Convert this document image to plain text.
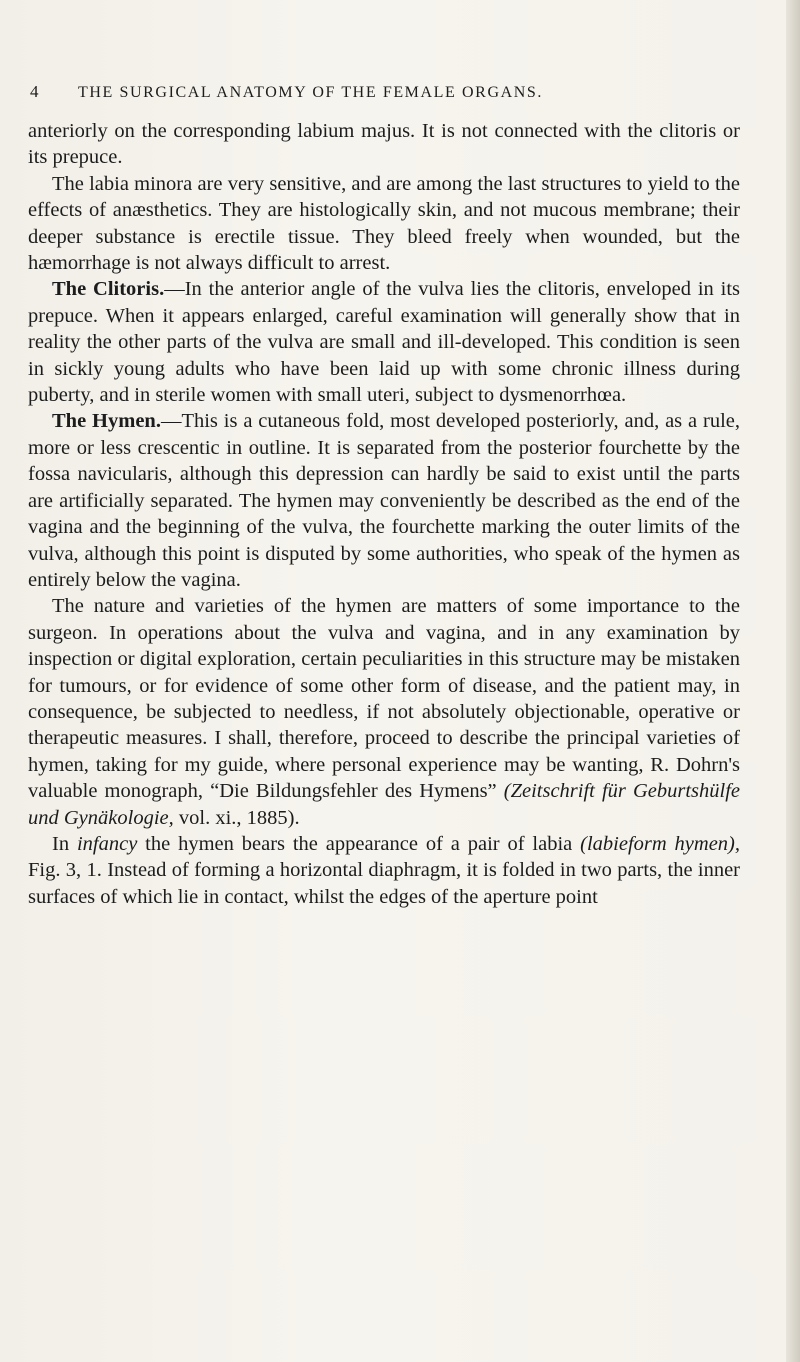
4 THE SURGICAL ANATOMY OF THE FEMALE ORGANS.

anteriorly on the corresponding labium majus. It is not connected with the clitoris or its prepuce.

The labia minora are very sensitive, and are among the last structures to yield to the effects of anæsthetics. They are histologically skin, and not mucous membrane; their deeper substance is erectile tissue. They bleed freely when wounded, but the hæmorrhage is not always difficult to arrest.

The Clitoris.—In the anterior angle of the vulva lies the clitoris, enveloped in its prepuce. When it appears enlarged, careful examination will generally show that in reality the other parts of the vulva are small and ill-developed. This condition is seen in sickly young adults who have been laid up with some chronic illness during puberty, and in sterile women with small uteri, subject to dysmenorrhœa.

The Hymen.—This is a cutaneous fold, most developed posteriorly, and, as a rule, more or less crescentic in outline. It is separated from the posterior fourchette by the fossa navicularis, although this depression can hardly be said to exist until the parts are artificially separated. The hymen may conveniently be described as the end of the vagina and the beginning of the vulva, the fourchette marking the outer limits of the vulva, although this point is disputed by some authorities, who speak of the hymen as entirely below the vagina.

The nature and varieties of the hymen are matters of some importance to the surgeon. In operations about the vulva and vagina, and in any examination by inspection or digital exploration, certain peculiarities in this structure may be mistaken for tumours, or for evidence of some other form of disease, and the patient may, in consequence, be subjected to needless, if not absolutely objectionable, operative or therapeutic measures. I shall, therefore, proceed to describe the principal varieties of hymen, taking for my guide, where personal experience may be wanting, R. Dohrn's valuable monograph, “Die Bildungsfehler des Hymens” (Zeitschrift für Geburtshülfe und Gynäkologie, vol. xi., 1885).

In infancy the hymen bears the appearance of a pair of labia (labieform hymen), Fig. 3, 1. Instead of forming a horizontal diaphragm, it is folded in two parts, the inner surfaces of which lie in contact, whilst the edges of the aperture point
